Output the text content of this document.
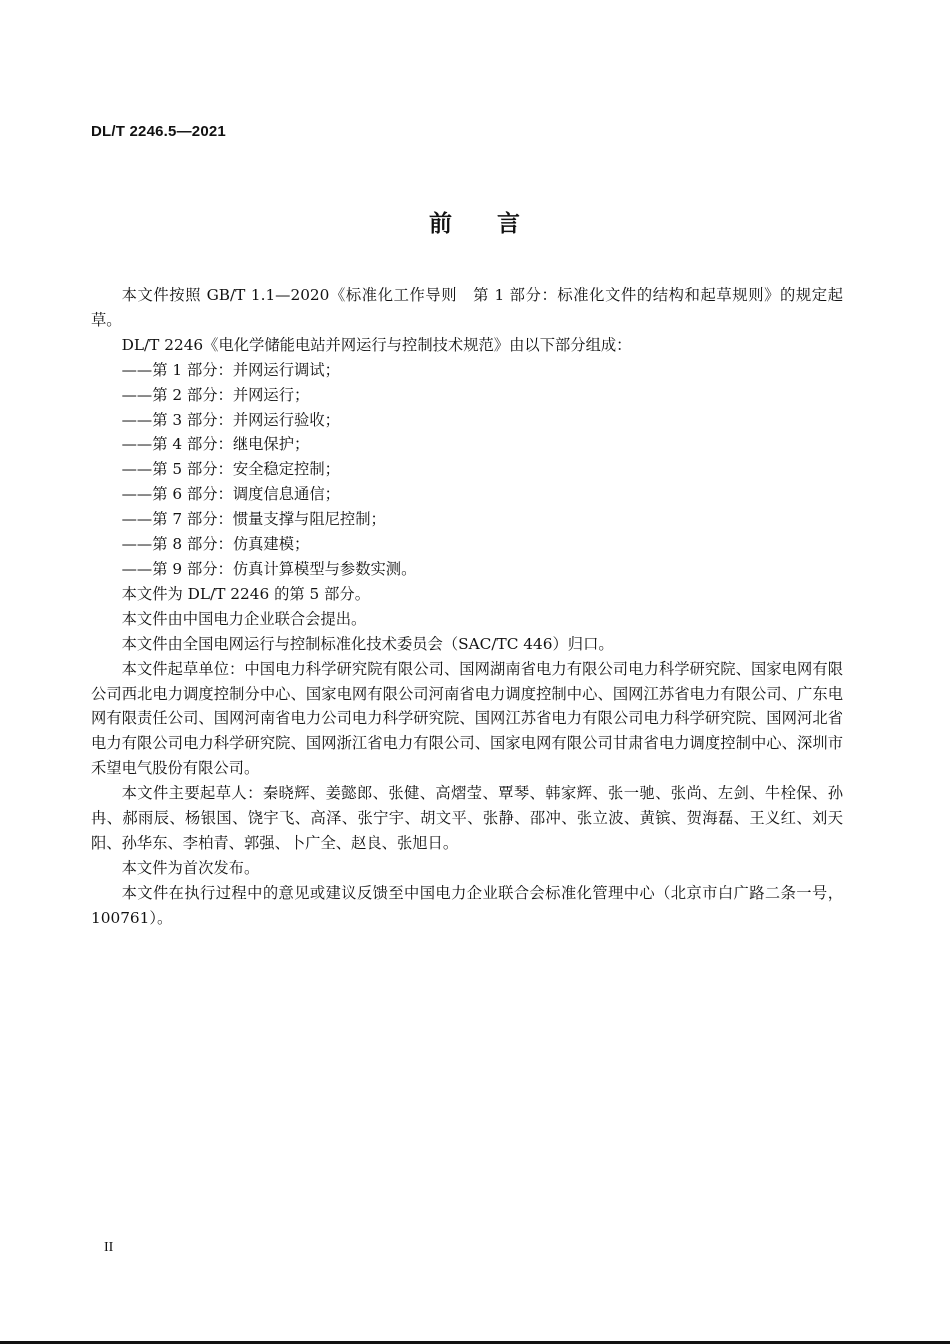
DL/T 2246.5—2021
前 言

本文件按照 GB/T 1.1—2020《标准化工作导则　第 1 部分：标准化文件的结构和起草规则》的规定起草。

DL/T 2246《电化学储能电站并网运行与控制技术规范》由以下部分组成：

——第 1 部分：并网运行调试；
——第 2 部分：并网运行；
——第 3 部分：并网运行验收；
——第 4 部分：继电保护；
——第 5 部分：安全稳定控制；
——第 6 部分：调度信息通信；
——第 7 部分：惯量支撑与阻尼控制；
——第 8 部分：仿真建模；
——第 9 部分：仿真计算模型与参数实测。

本文件为 DL/T 2246 的第 5 部分。

本文件由中国电力企业联合会提出。

本文件由全国电网运行与控制标准化技术委员会（SAC/TC 446）归口。

本文件起草单位：中国电力科学研究院有限公司、国网湖南省电力有限公司电力科学研究院、国家电网有限公司西北电力调度控制分中心、国家电网有限公司河南省电力调度控制中心、国网江苏省电力有限公司、广东电网有限责任公司、国网河南省电力公司电力科学研究院、国网江苏省电力有限公司电力科学研究院、国网河北省电力有限公司电力科学研究院、国网浙江省电力有限公司、国家电网有限公司甘肃省电力调度控制中心、深圳市禾望电气股份有限公司。

本文件主要起草人：秦晓辉、姜懿郎、张健、高熠莹、覃琴、韩家辉、张一驰、张尚、左剑、牛栓保、孙冉、郝雨辰、杨银国、饶宇飞、高泽、张宁宇、胡文平、张静、邵冲、张立波、黄镔、贺海磊、王义红、刘天阳、孙华东、李柏青、郭强、卜广全、赵良、张旭日。

本文件为首次发布。

本文件在执行过程中的意见或建议反馈至中国电力企业联合会标准化管理中心（北京市白广路二条一号，100761）。

II
